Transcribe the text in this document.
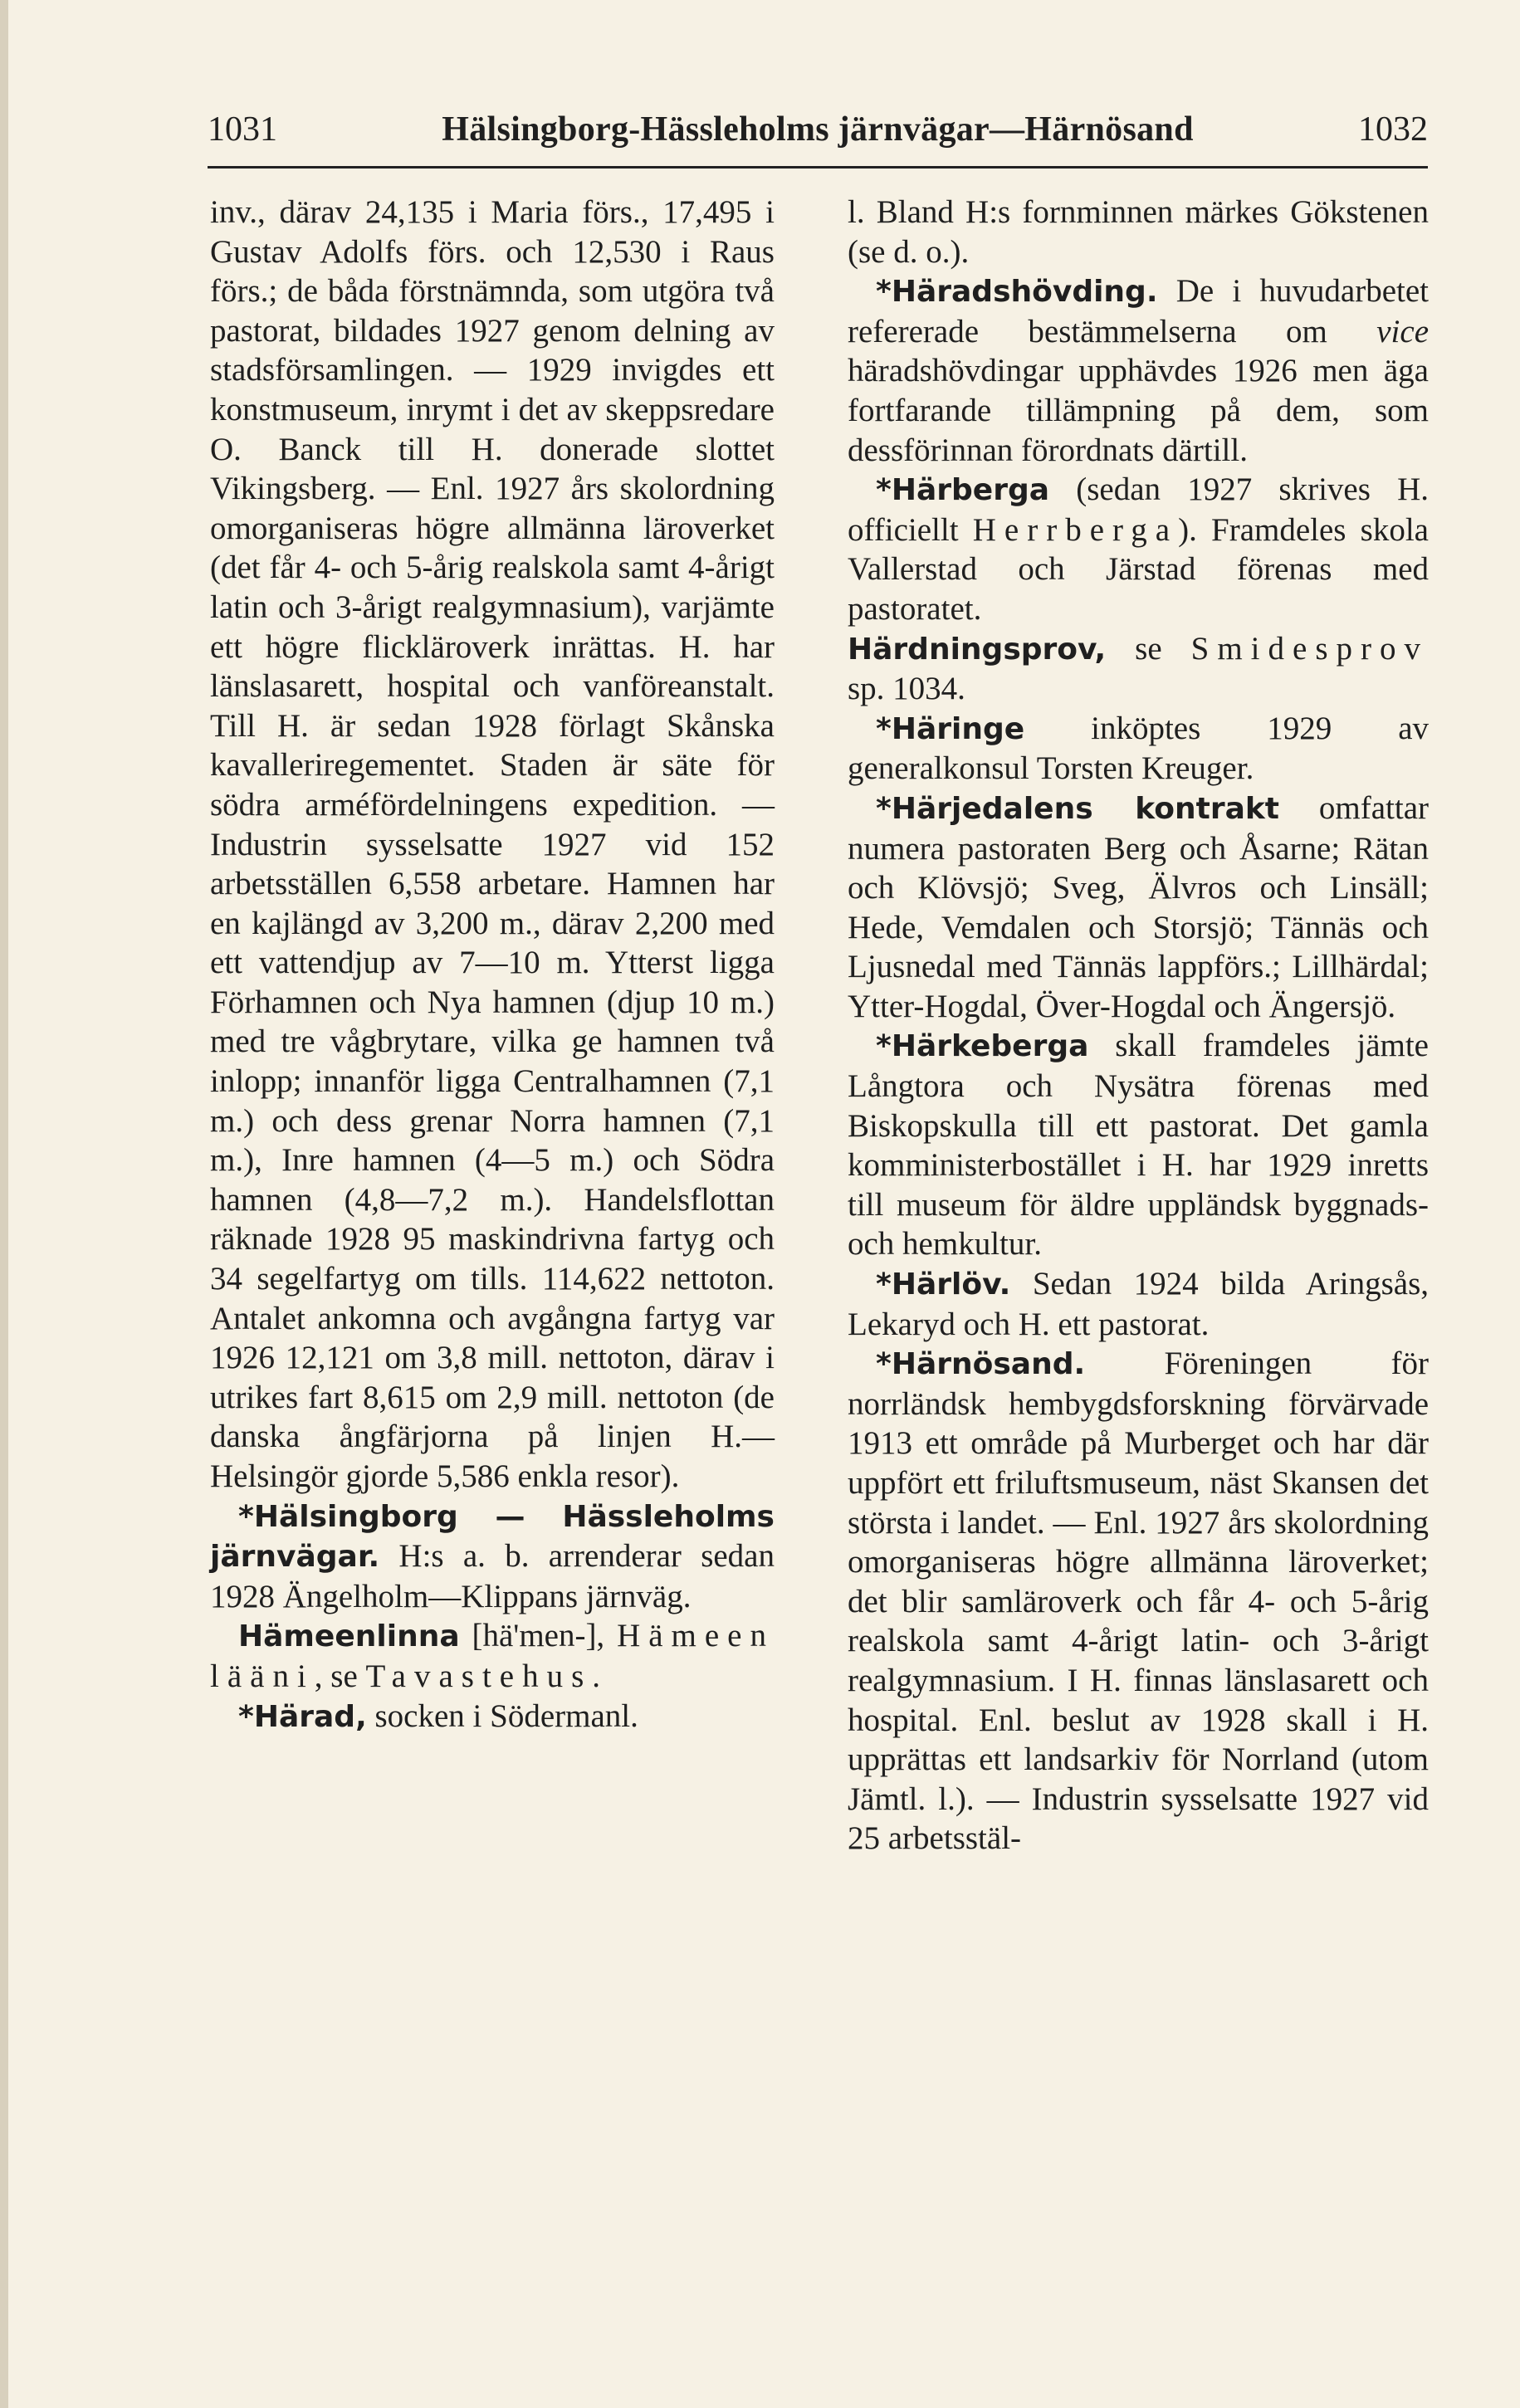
1031	Hälsingborg-Hässleholms järnvägar—Härnösand	1032

inv., därav 24,135 i Maria förs., 17,495 i Gustav Adolfs förs. och 12,530 i Raus förs.; de båda förstnämnda, som utgöra två pastorat, bildades 1927 genom delning av stadsförsamlingen. — 1929 invigdes ett konstmuseum, inrymt i det av skeppsredare O. Banck till H. donerade slottet Vikingsberg. — Enl. 1927 års skolordning omorganiseras högre allmänna läroverket (det får 4- och 5-årig realskola samt 4-årigt latin och 3-årigt realgymnasium), varjämte ett högre flickläroverk inrättas. H. har länslasarett, hospital och vanföreanstalt. Till H. är sedan 1928 förlagt Skånska kavalleriregementet. Staden är säte för södra arméfördelningens expedition. — Industrin sysselsatte 1927 vid 152 arbetsställen 6,558 arbetare. Hamnen har en kajlängd av 3,200 m., därav 2,200 med ett vattendjup av 7—10 m. Ytterst ligga Förhamnen och Nya hamnen (djup 10 m.) med tre vågbrytare, vilka ge hamnen två inlopp; innanför ligga Centralhamnen (7,1 m.) och dess grenar Norra hamnen (7,1 m.), Inre hamnen (4—5 m.) och Södra hamnen (4,8—7,2 m.). Handelsflottan räknade 1928 95 maskindrivna fartyg och 34 segelfartyg om tills. 114,622 nettoton. Antalet ankomna och avgångna fartyg var 1926 12,121 om 3,8 mill. nettoton, därav i utrikes fart 8,615 om 2,9 mill. nettoton (de danska ångfärjorna på linjen H.—Helsingör gjorde 5,586 enkla resor).

*Hälsingborg — Hässleholms järnvägar. H:s a. b. arrenderar sedan 1928 Ängelholm—Klippans järnväg.

Hämeenlinna [hä'men-], Hämeen lääni, se Tavastehus.

*Härad, socken i Södermanl.

l. Bland H:s fornminnen märkes Gökstenen (se d. o.).

*Häradshövding. De i huvudarbetet refererade bestämmelserna om vice häradshövdingar upphävdes 1926 men äga fortfarande tillämpning på dem, som dessförinnan förordnats därtill.

*Härberga (sedan 1927 skrives H. officiellt Herrberga). Framdeles skola Vallerstad och Järstad förenas med pastoratet.

Härdningsprov, se Smidesprov sp. 1034.

*Häringe inköptes 1929 av generalkonsul Torsten Kreuger.

*Härjedalens kontrakt omfattar numera pastoraten Berg och Åsarne; Rätan och Klövsjö; Sveg, Älvros och Linsäll; Hede, Vemdalen och Storsjö; Tännäs och Ljusnedal med Tännäs lappförs.; Lillhärdal; Ytter-Hogdal, Över-Hogdal och Ängersjö.

*Härkeberga skall framdeles jämte Långtora och Nysätra förenas med Biskopskulla till ett pastorat. Det gamla komministerbostället i H. har 1929 inretts till museum för äldre uppländsk byggnads- och hemkultur.

*Härlöv. Sedan 1924 bilda Aringsås, Lekaryd och H. ett pastorat.

*Härnösand. Föreningen för norrländsk hembygdsforskning förvärvade 1913 ett område på Murberget och har där uppfört ett friluftsmuseum, näst Skansen det största i landet. — Enl. 1927 års skolordning omorganiseras högre allmänna läroverket; det blir samläroverk och får 4- och 5-årig realskola samt 4-årigt latin- och 3-årigt realgymnasium. I H. finnas länslasarett och hospital. Enl. beslut av 1928 skall i H. upprättas ett landsarkiv för Norrland (utom Jämtl. l.). — Industrin sysselsatte 1927 vid 25 arbetsstäl-
